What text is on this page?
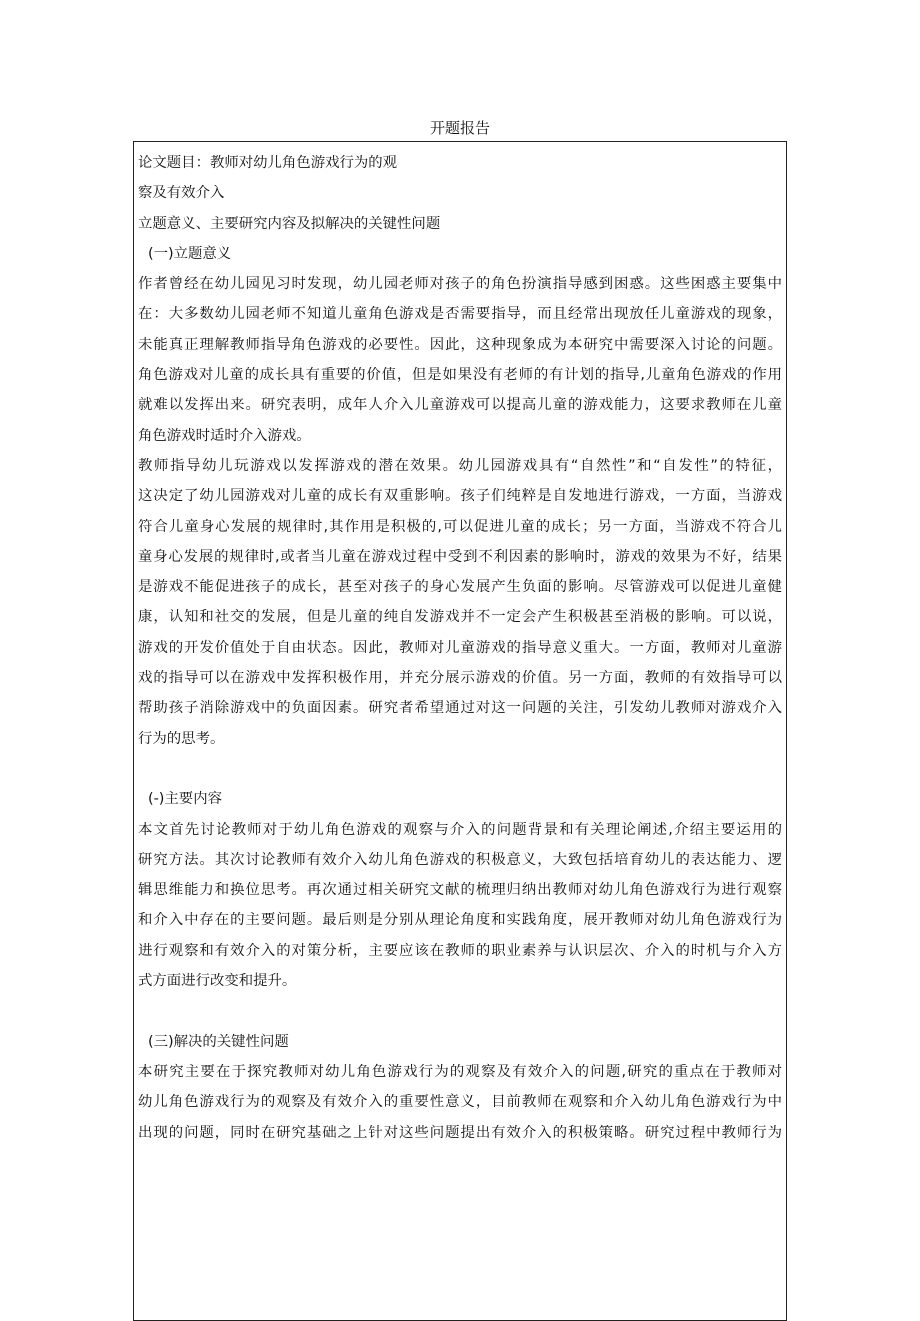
开题报告
论文题目：教师对幼儿角色游戏行为的观
察及有效介入
立题意义、主要研究内容及拟解决的关键性问题
(一)立题意义
作者曾经在幼儿园见习时发现，幼儿园老师对孩子的角色扮演指导感到困惑。这些困惑主要集中
在：大多数幼儿园老师不知道儿童角色游戏是否需要指导，而且经常出现放任儿童游戏的现象，
未能真正理解教师指导角色游戏的必要性。因此，这种现象成为本研究中需要深入讨论的问题。
角色游戏对儿童的成长具有重要的价值，但是如果没有老师的有计划的指导,儿童角色游戏的作用
就难以发挥出来。研究表明，成年人介入儿童游戏可以提高儿童的游戏能力，这要求教师在儿童
角色游戏时适时介入游戏。
教师指导幼儿玩游戏以发挥游戏的潜在效果。幼儿园游戏具有“自然性”和“自发性”的特征，
这决定了幼儿园游戏对儿童的成长有双重影响。孩子们纯粹是自发地进行游戏，一方面，当游戏
符合儿童身心发展的规律时,其作用是积极的,可以促进儿童的成长；另一方面，当游戏不符合儿
童身心发展的规律时,或者当儿童在游戏过程中受到不利因素的影响时，游戏的效果为不好，结果
是游戏不能促进孩子的成长，甚至对孩子的身心发展产生负面的影响。尽管游戏可以促进儿童健
康，认知和社交的发展，但是儿童的纯自发游戏并不一定会产生积极甚至消极的影响。可以说，
游戏的开发价值处于自由状态。因此，教师对儿童游戏的指导意义重大。一方面，教师对儿童游
戏的指导可以在游戏中发挥积极作用，并充分展示游戏的价值。另一方面，教师的有效指导可以
帮助孩子消除游戏中的负面因素。研究者希望通过对这一问题的关注，引发幼儿教师对游戏介入
行为的思考。
(-)主要内容
本文首先讨论教师对于幼儿角色游戏的观察与介入的问题背景和有关理论阐述,介绍主要运用的
研究方法。其次讨论教师有效介入幼儿角色游戏的积极意义，大致包括培育幼儿的表达能力、逻
辑思维能力和换位思考。再次通过相关研究文献的梳理归纳出教师对幼儿角色游戏行为进行观察
和介入中存在的主要问题。最后则是分别从理论角度和实践角度，展开教师对幼儿角色游戏行为
进行观察和有效介入的对策分析，主要应该在教师的职业素养与认识层次、介入的时机与介入方
式方面进行改变和提升。
(三)解决的关键性问题
本研究主要在于探究教师对幼儿角色游戏行为的观察及有效介入的问题,研究的重点在于教师对
幼儿角色游戏行为的观察及有效介入的重要性意义，目前教师在观察和介入幼儿角色游戏行为中
出现的问题，同时在研究基础之上针对这些问题提出有效介入的积极策略。研究过程中教师行为
